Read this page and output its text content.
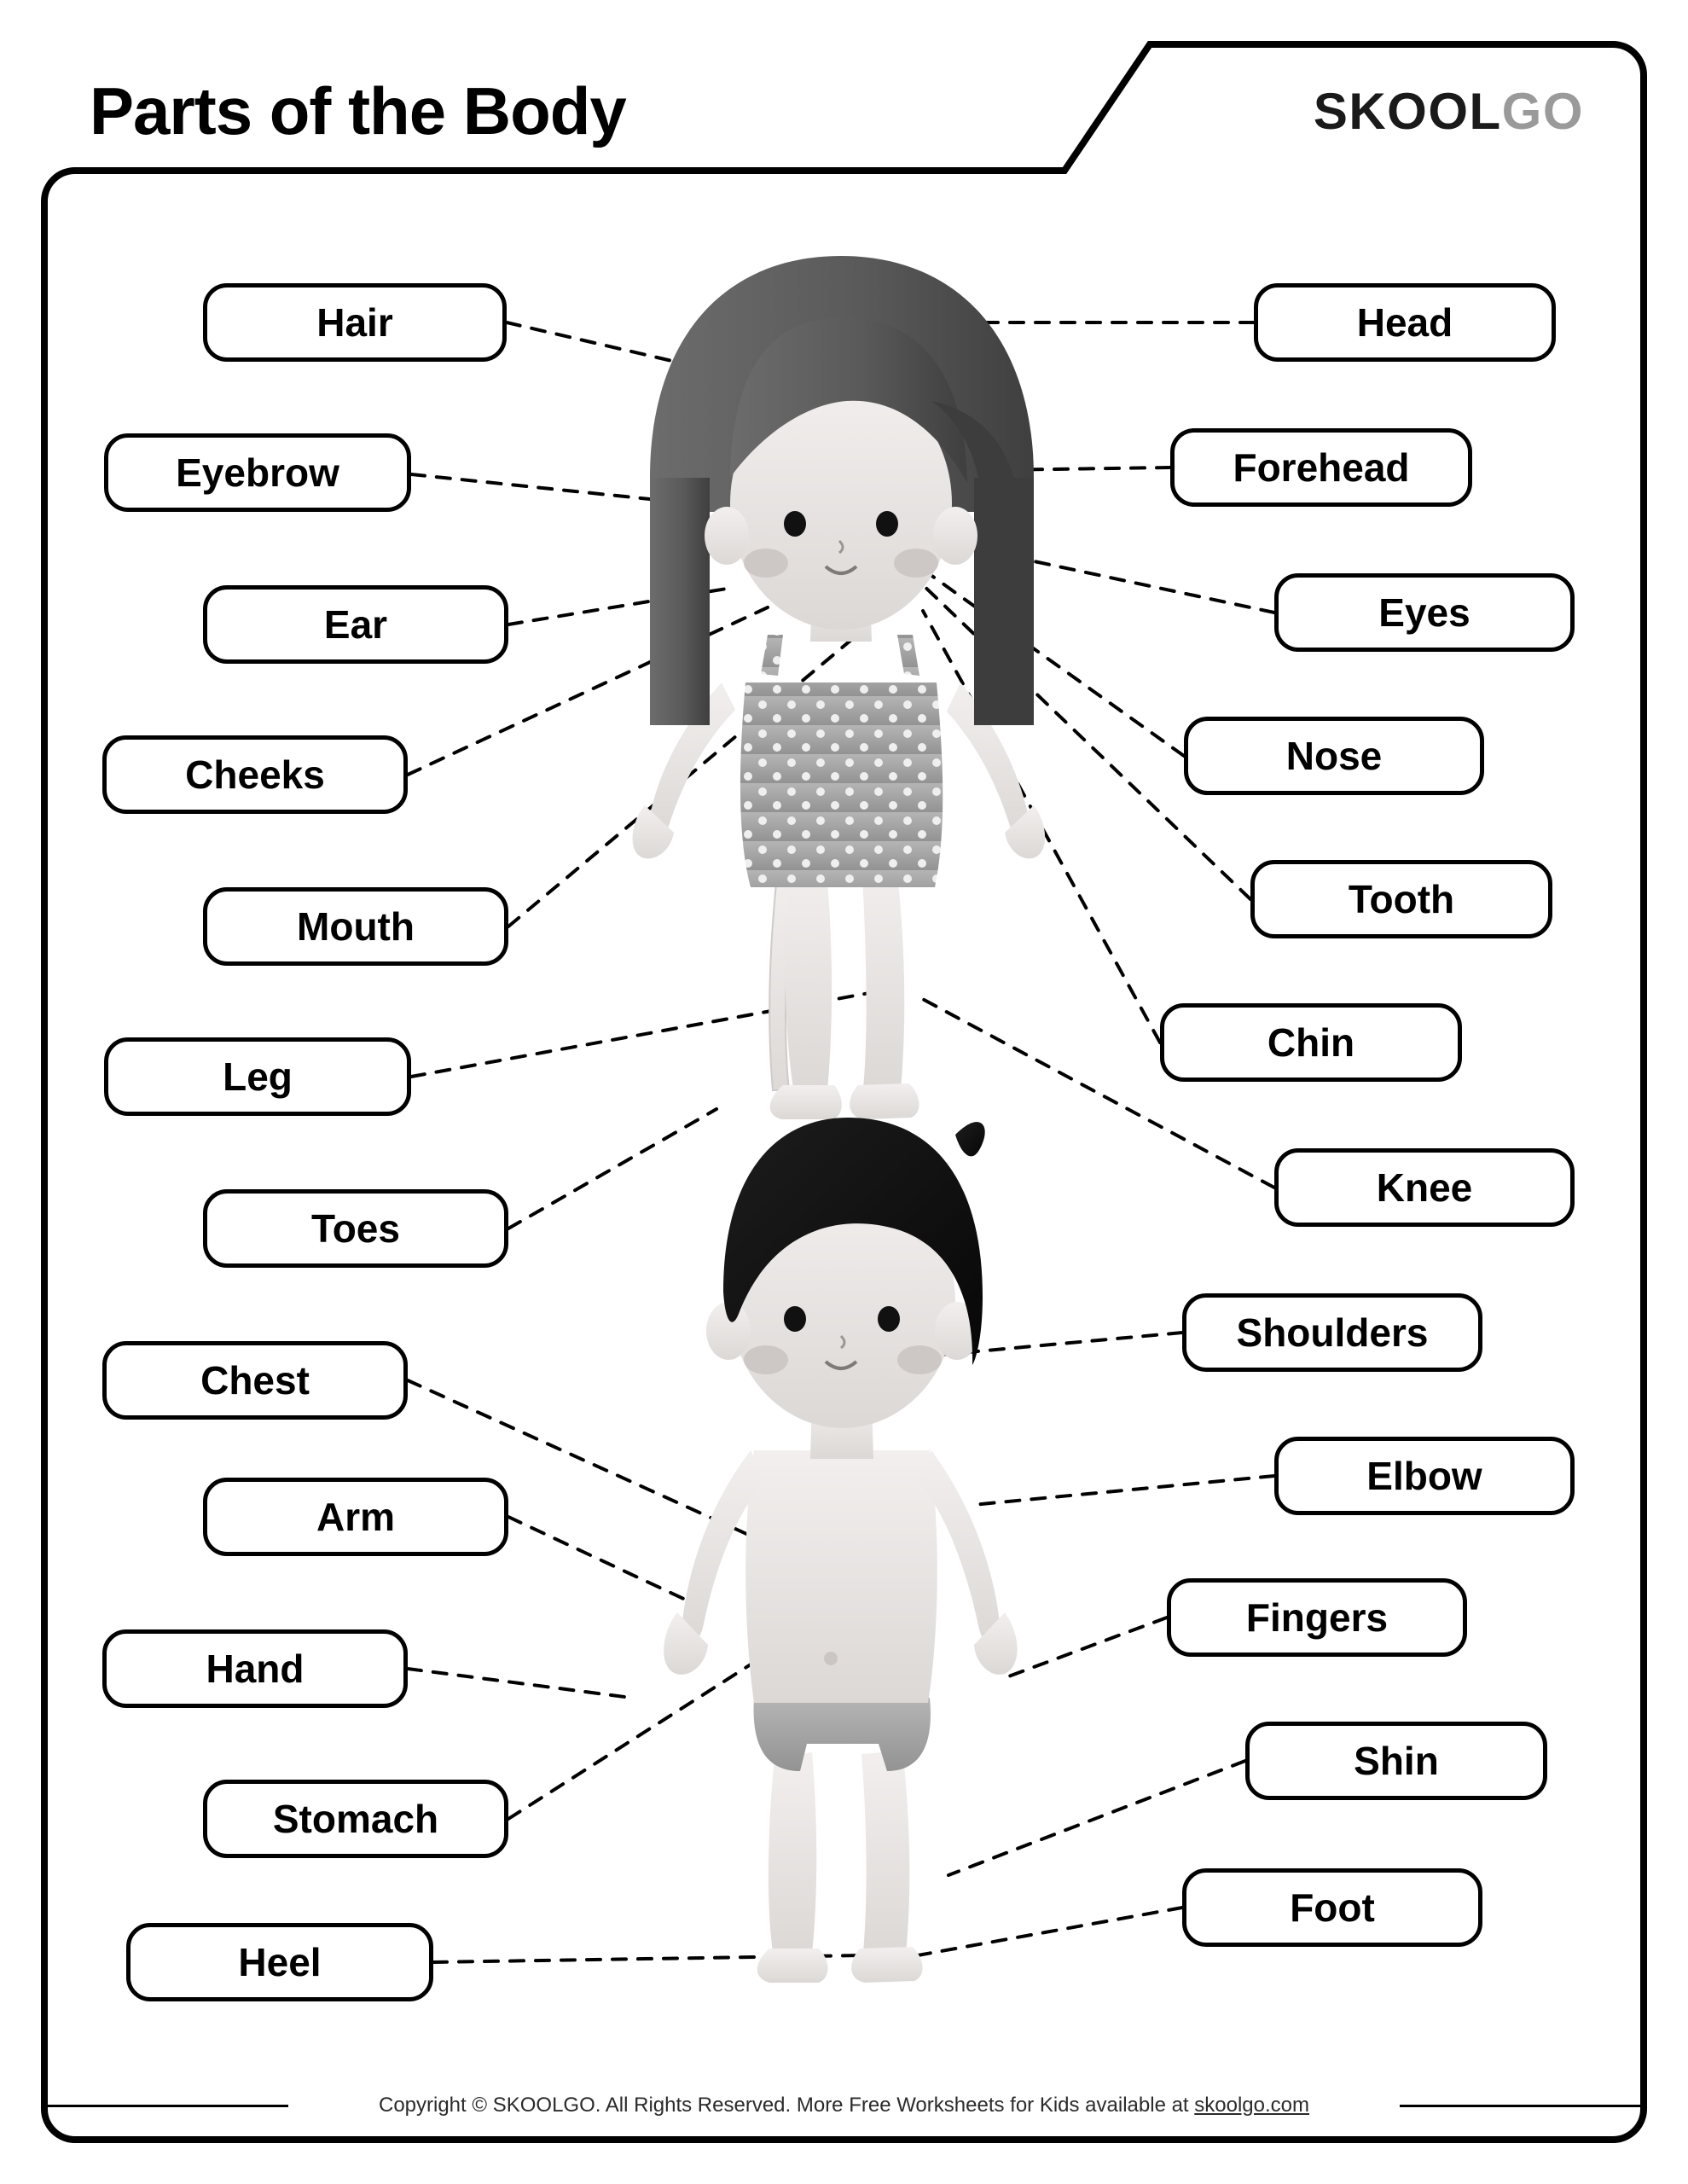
Parts of the Body	SKOOLGO
Hair
Eyebrow
Ear
Cheeks
Mouth
Leg
Toes
Chest
Arm
Hand
Stomach
Heel
Head
Forehead
Eyes
Nose
Tooth
Chin
Knee
Shoulders
Elbow
Fingers
Shin
Foot
Copyright © SKOOLGO. All Rights Reserved. More Free Worksheets for Kids available at skoolgo.com
